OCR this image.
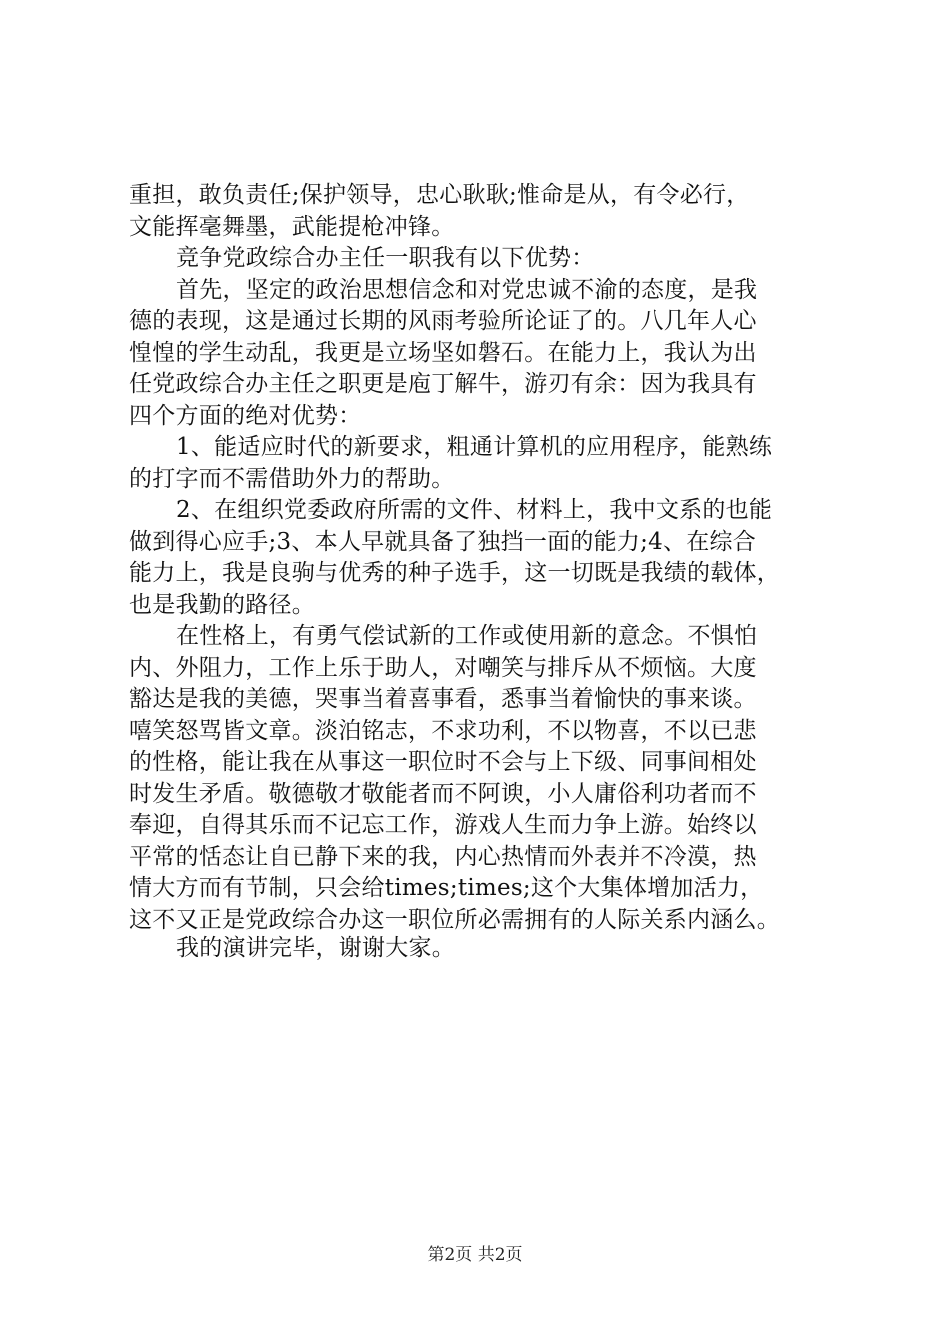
重担，敢负责任;保护领导，忠心耿耿;惟命是从，有令必行，
文能挥毫舞墨，武能提枪冲锋。
竞争党政综合办主任一职我有以下优势：
首先，坚定的政治思想信念和对党忠诚不渝的态度，是我
德的表现，这是通过长期的风雨考验所论证了的。八几年人心
惶惶的学生动乱，我更是立场坚如磐石。在能力上，我认为出
任党政综合办主任之职更是庖丁解牛，游刃有余：因为我具有
四个方面的绝对优势：
1、能适应时代的新要求，粗通计算机的应用程序，能熟练
的打字而不需借助外力的帮助。
2、在组织党委政府所需的文件、材料上，我中文系的也能
做到得心应手;3、本人早就具备了独挡一面的能力;4、在综合
能力上，我是良驹与优秀的种子选手，这一切既是我绩的载体，
也是我勤的路径。
在性格上，有勇气偿试新的工作或使用新的意念。不惧怕
内、外阻力，工作上乐于助人，对嘲笑与排斥从不烦恼。大度
豁达是我的美德，哭事当着喜事看，悉事当着愉快的事来谈。
嘻笑怒骂皆文章。淡泊铭志，不求功利，不以物喜，不以已悲
的性格，能让我在从事这一职位时不会与上下级、同事间相处
时发生矛盾。敬德敬才敬能者而不阿谀，小人庸俗利功者而不
奉迎，自得其乐而不记忘工作，游戏人生而力争上游。始终以
平常的恬态让自已静下来的我，内心热情而外表并不冷漠，热
情大方而有节制，只会给times;times;这个大集体增加活力，
这不又正是党政综合办这一职位所必需拥有的人际关系内涵么。
我的演讲完毕，谢谢大家。
第2页 共2页
